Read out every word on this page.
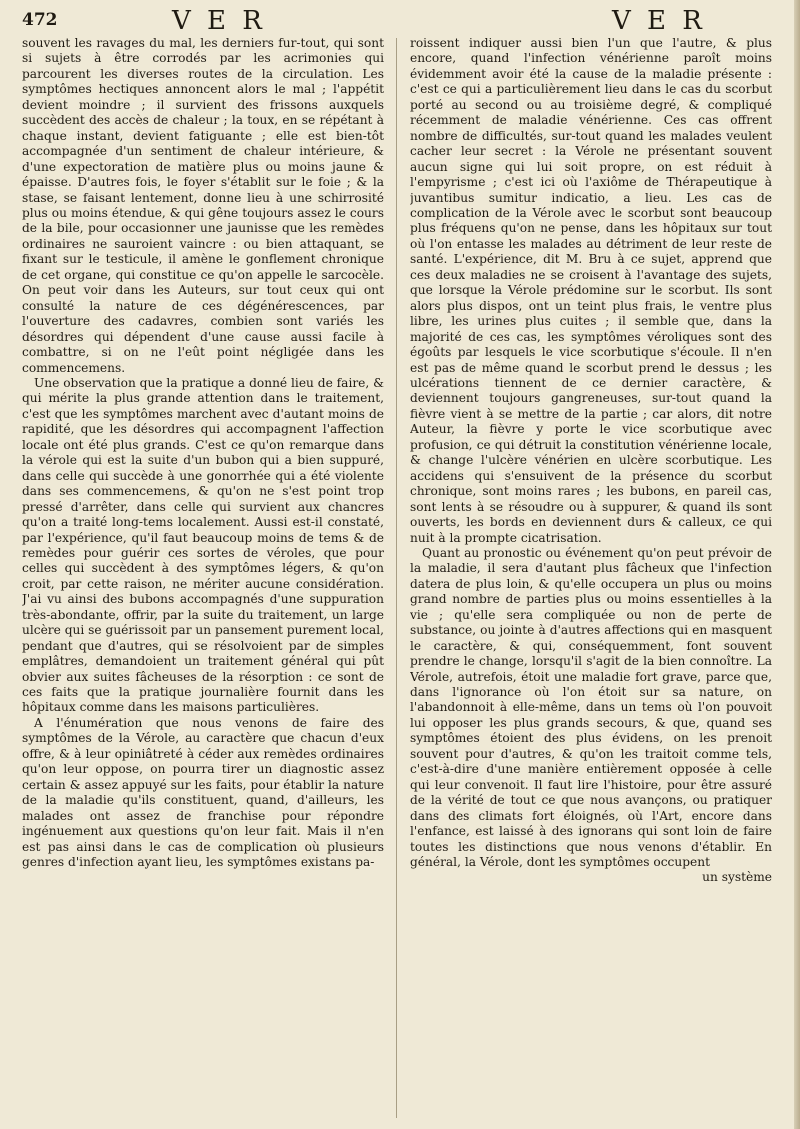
472	V E R	V E R

souvent les ravages du mal, les derniers fur-tout, qui sont si sujets à être corrodés par les acrimonies qui parcourent les diverses routes de la circulation. Les symptômes hectiques annoncent alors le mal ; l'appétit devient moindre ; il survient des frissons auxquels succèdent des accès de chaleur ; la toux, en se répétant à chaque instant, devient fatiguante ; elle est bien-tôt accompagnée d'un sentiment de chaleur intérieure, & d'une expectoration de matière plus ou moins jaune & épaisse. D'autres fois, le foyer s'établit sur le foie ; & la stase, se faisant lentement, donne lieu à une schirrosité plus ou moins étendue, & qui gêne toujours assez le cours de la bile, pour occasionner une jaunisse que les remèdes ordinaires ne sauroient vaincre : ou bien attaquant, se fixant sur le testicule, il amène le gonflement chronique de cet organe, qui constitue ce qu'on appelle le sarcocèle. On peut voir dans les Auteurs, sur tout ceux qui ont consulté la nature de ces dégénérescences, par l'ouverture des cadavres, combien sont variés les désordres qui dépendent d'une cause aussi facile à combattre, si on ne l'eût point négligée dans les commencemens.

Une observation que la pratique a donné lieu de faire, & qui mérite la plus grande attention dans le traitement, c'est que les symptômes marchent avec d'autant moins de rapidité, que les désordres qui accompagnent l'affection locale ont été plus grands. C'est ce qu'on remarque dans la vérole qui est la suite d'un bubon qui a bien suppuré, dans celle qui succède à une gonorrhée qui a été violente dans ses commencemens, & qu'on ne s'est point trop pressé d'arrêter, dans celle qui survient aux chancres qu'on a traité long-tems localement. Aussi est-il constaté, par l'expérience, qu'il faut beaucoup moins de tems & de remèdes pour guérir ces sortes de véroles, que pour celles qui succèdent à des symptômes légers, & qu'on croit, par cette raison, ne mériter aucune considération. J'ai vu ainsi des bubons accompagnés d'une suppuration très-abondante, offrir, par la suite du traitement, un large ulcère qui se guérissoit par un pansement purement local, pendant que d'autres, qui se résolvoient par de simples emplâtres, demandoient un traitement général qui pût obvier aux suites fâcheuses de la résorption : ce sont de ces faits que la pratique journalière fournit dans les hôpitaux comme dans les maisons particulières.

A l'énumération que nous venons de faire des symptômes de la Vérole, au caractère que chacun d'eux offre, & à leur opiniâtreté à céder aux remèdes ordinaires qu'on leur oppose, on pourra tirer un diagnostic assez certain & assez appuyé sur les faits, pour établir la nature de la maladie qu'ils constituent, quand, d'ailleurs, les malades ont assez de franchise pour répondre ingénuement aux questions qu'on leur fait. Mais il n'en est pas ainsi dans le cas de complication où plusieurs genres d'infection ayant lieu, les symptômes existans pa-

roissent indiquer aussi bien l'un que l'autre, & plus encore, quand l'infection vénérienne paroît moins évidemment avoir été la cause de la maladie présente : c'est ce qui a particulièrement lieu dans le cas du scorbut porté au second ou au troisième degré, & compliqué récemment de maladie vénérienne. Ces cas offrent nombre de difficultés, sur-tout quand les malades veulent cacher leur secret : la Vérole ne présentant souvent aucun signe qui lui soit propre, on est réduit à l'empyrisme ; c'est ici où l'axiôme de Thérapeutique à juvantibus sumitur indicatio, a lieu. Les cas de complication de la Vérole avec le scorbut sont beaucoup plus fréquens qu'on ne pense, dans les hôpitaux sur tout où l'on entasse les malades au détriment de leur reste de santé. L'expérience, dit M. Bru à ce sujet, apprend que ces deux maladies ne se croisent à l'avantage des sujets, que lorsque la Vérole prédomine sur le scorbut. Ils sont alors plus dispos, ont un teint plus frais, le ventre plus libre, les urines plus cuites ; il semble que, dans la majorité de ces cas, les symptômes véroliques sont des égoûts par lesquels le vice scorbutique s'écoule. Il n'en est pas de même quand le scorbut prend le dessus ; les ulcérations tiennent de ce dernier caractère, & deviennent toujours gangreneuses, sur-tout quand la fièvre vient à se mettre de la partie ; car alors, dit notre Auteur, la fièvre y porte le vice scorbutique avec profusion, ce qui détruit la constitution vénérienne locale, & change l'ulcère vénérien en ulcère scorbutique. Les accidens qui s'ensuivent de la présence du scorbut chronique, sont moins rares ; les bubons, en pareil cas, sont lents à se résoudre ou à suppurer, & quand ils sont ouverts, les bords en deviennent durs & calleux, ce qui nuit à la prompte cicatrisation.

Quant au pronostic ou événement qu'on peut prévoir de la maladie, il sera d'autant plus fâcheux que l'infection datera de plus loin, & qu'elle occupera un plus ou moins grand nombre de parties plus ou moins essentielles à la vie ; qu'elle sera compliquée ou non de perte de substance, ou jointe à d'autres affections qui en masquent le caractère, & qui, conséquemment, font souvent prendre le change, lorsqu'il s'agit de la bien connoître. La Vérole, autrefois, étoit une maladie fort grave, parce que, dans l'ignorance où l'on étoit sur sa nature, on l'abandonnoit à elle-même, dans un tems où l'on pouvoit lui opposer les plus grands secours, & que, quand ses symptômes étoient des plus évidens, on les prenoit souvent pour d'autres, & qu'on les traitoit comme tels, c'est-à-dire d'une manière entièrement opposée à celle qui leur convenoit. Il faut lire l'histoire, pour être assuré de la vérité de tout ce que nous avançons, ou pratiquer dans des climats fort éloignés, où l'Art, encore dans l'enfance, est laissé à des ignorans qui sont loin de faire toutes les distinctions que nous venons d'établir. En général, la Vérole, dont les symptômes occupent

un système
